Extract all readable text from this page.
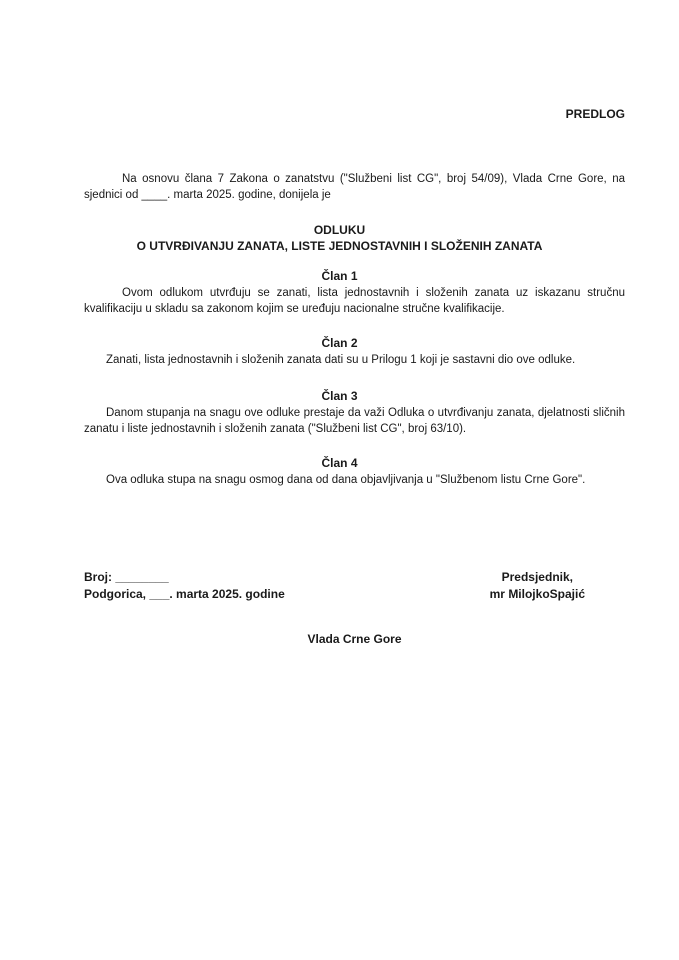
PREDLOG
Na osnovu člana 7 Zakona o zanatstvu ("Službeni list CG", broj 54/09), Vlada Crne Gore, na sjednici od ____. marta 2025. godine, donijela je
ODLUKU
O UTVRĐIVANJU ZANATA, LISTE JEDNOSTAVNIH I SLOŽENIH ZANATA
Član 1
Ovom odlukom utvrđuju se zanati, lista jednostavnih i složenih zanata uz iskazanu stručnu kvalifikaciju u skladu sa zakonom kojim se uređuju nacionalne stručne kvalifikacije.
Član 2
Zanati, lista jednostavnih i složenih zanata dati su u Prilogu 1 koji je sastavni dio ove odluke.
Član 3
Danom stupanja na snagu ove odluke prestaje da važi Odluka o utvrđivanju zanata, djelatnosti sličnih zanatu i liste jednostavnih i složenih zanata ("Službeni list CG", broj 63/10).
Član 4
Ova odluka stupa na snagu osmog dana od dana objavljivanja u "Službenom listu Crne Gore".
Broj: ________
Podgorica, ___. marta 2025. godine
Predsjednik,
mr MilojkoSpajić
Vlada Crne Gore
